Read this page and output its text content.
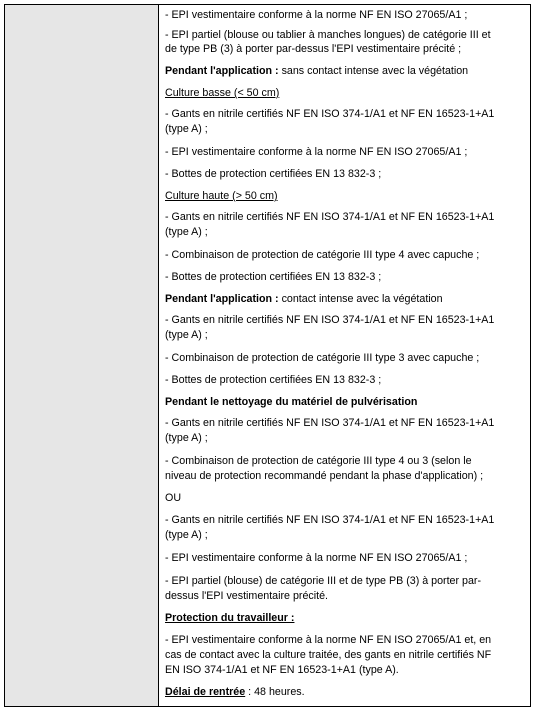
- EPI vestimentaire conforme à la norme NF EN ISO 27065/A1 ;
- EPI partiel (blouse ou tablier à manches longues) de catégorie III et
de type PB (3) à porter par-dessus l'EPI vestimentaire précité ;
Pendant l'application : sans contact intense avec la végétation
Culture basse (< 50 cm)
- Gants en nitrile certifiés NF EN ISO 374-1/A1 et NF EN 16523-1+A1
(type A) ;
- EPI vestimentaire conforme à la norme NF EN ISO 27065/A1 ;
- Bottes de protection certifiées EN 13 832-3 ;
Culture haute (> 50 cm)
- Gants en nitrile certifiés NF EN ISO 374-1/A1 et NF EN 16523-1+A1
(type A) ;
- Combinaison de protection de catégorie III type 4 avec capuche ;
- Bottes de protection certifiées EN 13 832-3 ;
Pendant l'application : contact intense avec la végétation
- Gants en nitrile certifiés NF EN ISO 374-1/A1 et NF EN 16523-1+A1
(type A) ;
- Combinaison de protection de catégorie III type 3 avec capuche ;
- Bottes de protection certifiées EN 13 832-3 ;
Pendant le nettoyage du matériel de pulvérisation
- Gants en nitrile certifiés NF EN ISO 374-1/A1 et NF EN 16523-1+A1
(type A) ;
- Combinaison de protection de catégorie III type 4 ou 3 (selon le
niveau de protection recommandé pendant la phase d'application) ;
OU
- Gants en nitrile certifiés NF EN ISO 374-1/A1 et NF EN 16523-1+A1
(type A) ;
- EPI vestimentaire conforme à la norme NF EN ISO 27065/A1 ;
- EPI partiel (blouse) de catégorie III et de type PB (3) à porter par-
dessus l'EPI vestimentaire précité.
Protection du travailleur :
- EPI vestimentaire conforme à la norme NF EN ISO 27065/A1 et, en
cas de contact avec la culture traitée, des gants en nitrile certifiés NF
EN ISO 374-1/A1 et NF EN 16523-1+A1 (type A).
Délai de rentrée : 48 heures.
